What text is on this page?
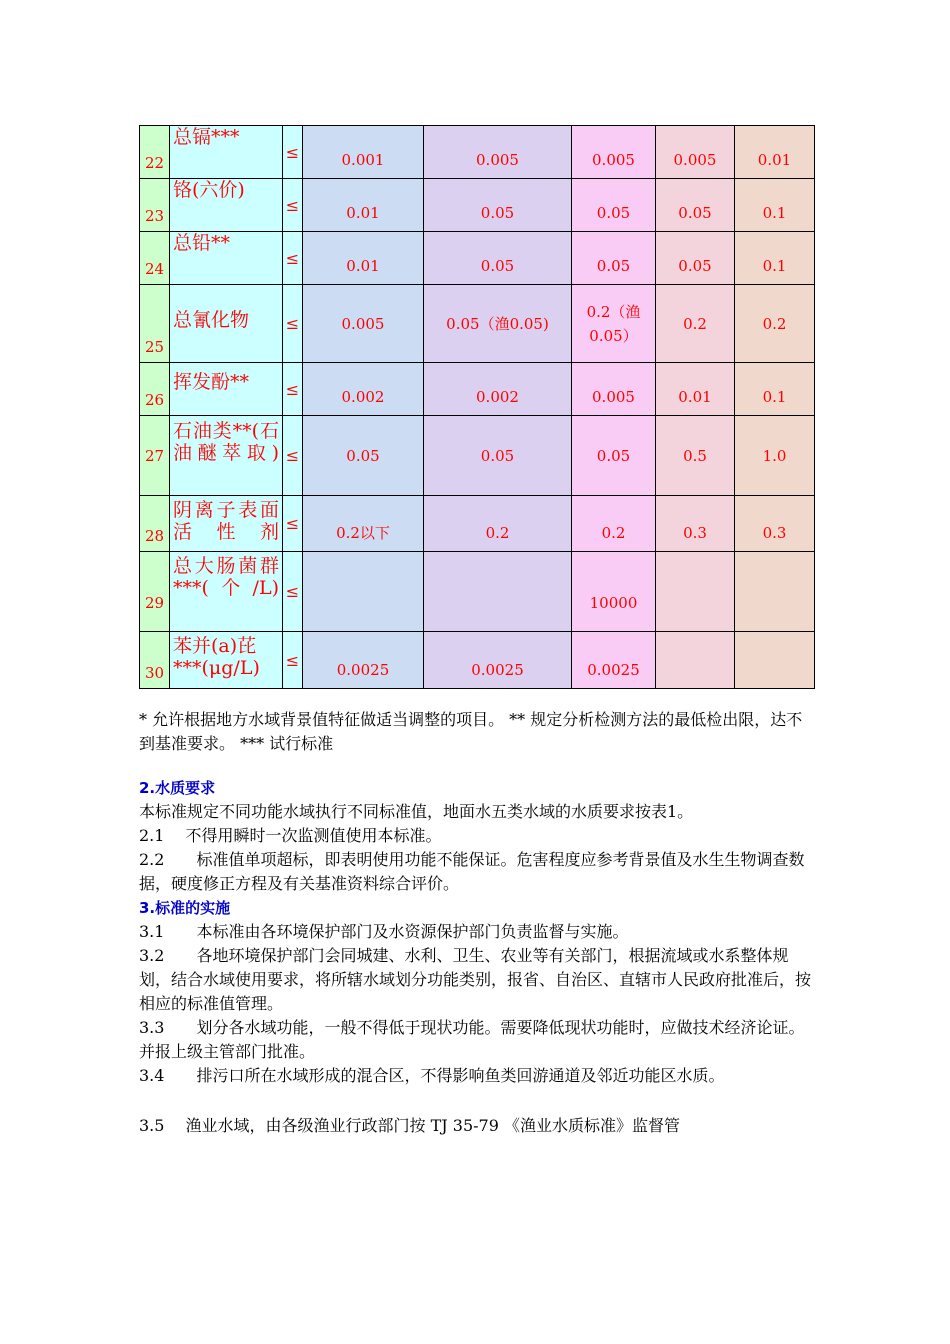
22	总镉***	≤	0.001	0.005	0.005	0.005	0.01
23	铬(六价)	≤	0.01	0.05	0.05	0.05	0.1
24	总铅**	≤	0.01	0.05	0.05	0.05	0.1
25	总氰化物	≤	0.005	0.05（渔0.05)	0.2（渔0.05）	0.2	0.2
26	挥发酚**	≤	0.002	0.002	0.005	0.01	0.1
27	石油类**(石油醚萃取)	≤	0.05	0.05	0.05	0.5	1.0
28	阴离子表面活性剂	≤	0.2以下	0.2	0.2	0.3	0.3
29	总大肠菌群***(个/L)	≤			10000		
30	苯并(a)芘***(μg/L)	≤	0.0025	0.0025	0.0025		

* 允许根据地方水域背景值特征做适当调整的项目。 ** 规定分析检测方法的最低检出限，达不到基准要求。 *** 试行标准

2.水质要求

本标准规定不同功能水域执行不同标准值，地面水五类水域的水质要求按表1。

2.1　 不得用瞬时一次监测值使用本标准。

2.2　　标准值单项超标，即表明使用功能不能保证。危害程度应参考背景值及水生生物调查数据，硬度修正方程及有关基准资料综合评价。

3.标准的实施

3.1　　本标准由各环境保护部门及水资源保护部门负责监督与实施。

3.2　　各地环境保护部门会同城建、水利、卫生、农业等有关部门，根据流域或水系整体规划，结合水域使用要求，将所辖水域划分功能类别，报省、自治区、直辖市人民政府批准后，按相应的标准值管理。

3.3　　划分各水域功能，一般不得低于现状功能。需要降低现状功能时，应做技术经济论证。并报上级主管部门批准。

3.4　　排污口所在水域形成的混合区，不得影响鱼类回游通道及邻近功能区水质。

3.5　 渔业水域，由各级渔业行政部门按 TJ 35-79 《渔业水质标准》监督管
